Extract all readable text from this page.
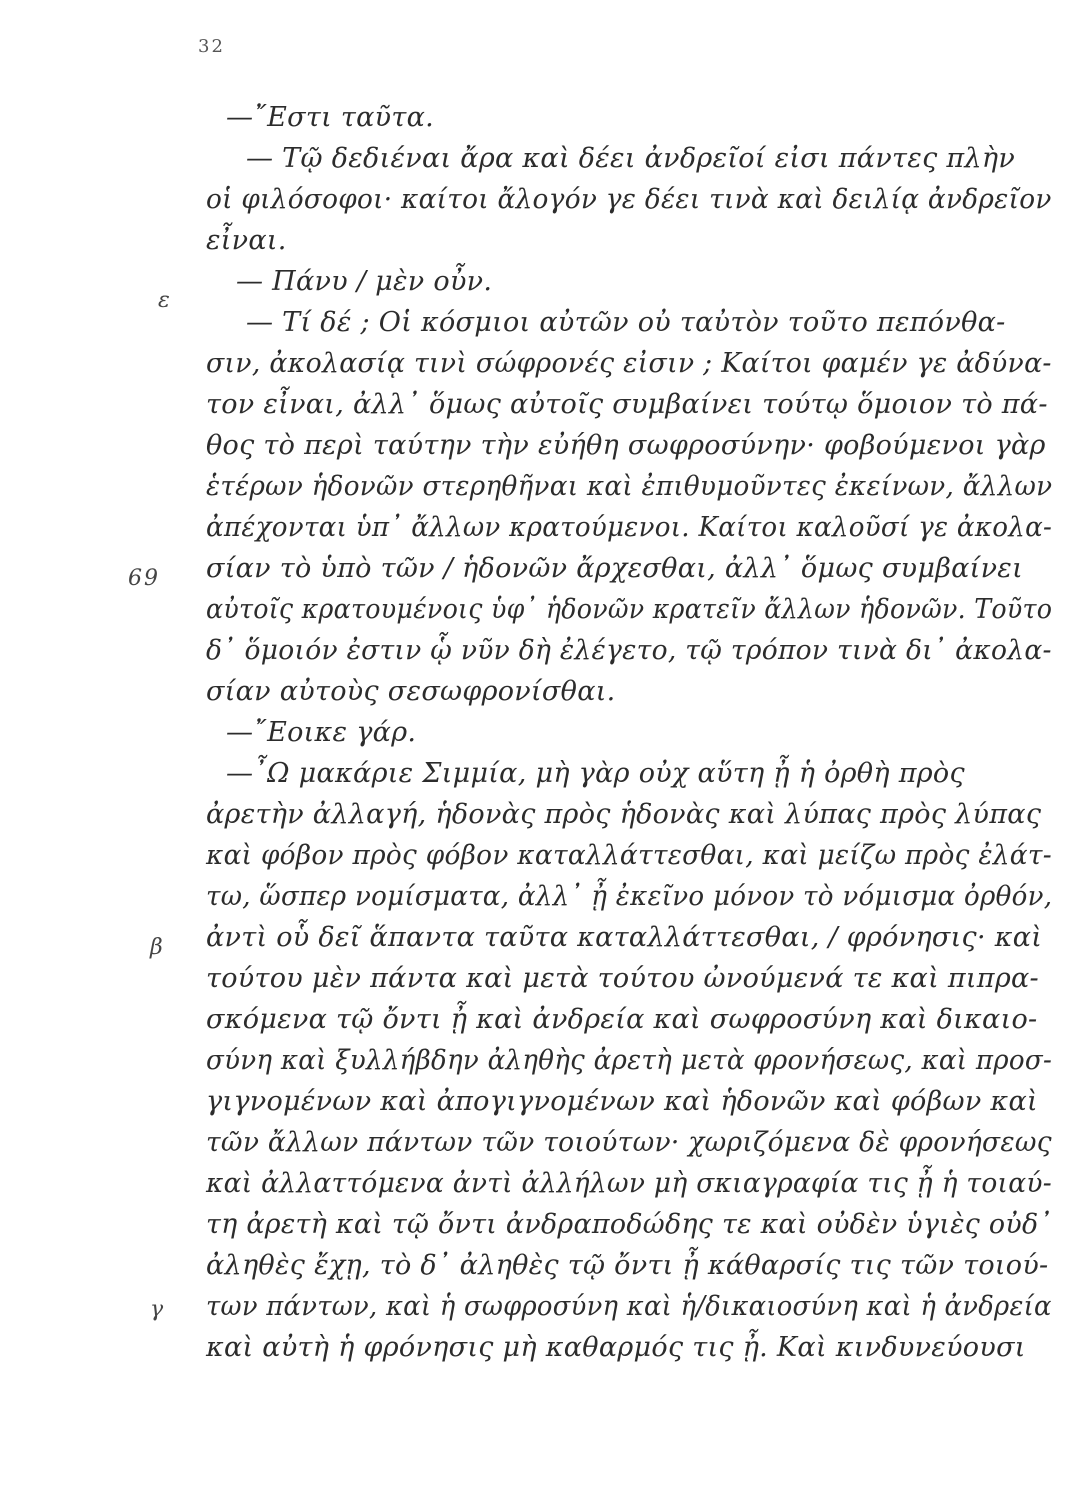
32
ε
69
β
γ
—῎Εστι ταῦτα.
— Τῷ δεδιέναι ἄρα καὶ δέει ἀνδρεῖοί εἰσι πάντες πλὴν
οἱ φιλόσοφοι· καίτοι ἄλογόν γε δέει τινὰ καὶ δειλίᾳ ἀνδρεῖον
εἶναι.
— Πάνυ / μὲν οὖν.
— Τί δέ ; Οἱ κόσμιοι αὐτῶν οὐ ταὐτὸν τοῦτο πεπόνθα-
σιν, ἀκολασίᾳ τινὶ σώφρονές εἰσιν ; Καίτοι φαμέν γε ἀδύνα-
τον εἶναι, ἀλλ᾽ ὅμως αὐτοῖς συμβαίνει τούτῳ ὅμοιον τὸ πά-
θος τὸ περὶ ταύτην τὴν εὐήθη σωφροσύνην· φοβούμενοι γὰρ
ἑτέρων ἡδονῶν στερηθῆναι καὶ ἐπιθυμοῦντες ἐκείνων, ἄλλων
ἀπέχονται ὑπ᾽ ἄλλων κρατούμενοι. Καίτοι καλοῦσί γε ἀκολα-
σίαν τὸ ὑπὸ τῶν / ἡδονῶν ἄρχεσθαι, ἀλλ᾽ ὅμως συμβαίνει
αὐτοῖς κρατουμένοις ὑφ᾽ ἡδονῶν κρατεῖν ἄλλων ἡδονῶν. Τοῦτο
δ᾽ ὅμοιόν ἐστιν ᾧ νῦν δὴ ἐλέγετο, τῷ τρόπον τινὰ δι᾽ ἀκολα-
σίαν αὐτοὺς σεσωφρονίσθαι.
—῎Εοικε γάρ.
—῏Ω μακάριε Σιμμία, μὴ γὰρ οὐχ αὕτη ᾖ ἡ ὀρθὴ πρὸς
ἀρετὴν ἀλλαγή, ἡδονὰς πρὸς ἡδονὰς καὶ λύπας πρὸς λύπας
καὶ φόβον πρὸς φόβον καταλλάττεσθαι, καὶ μείζω πρὸς ἐλάτ-
τω, ὥσπερ νομίσματα, ἀλλ᾽ ᾖ ἐκεῖνο μόνον τὸ νόμισμα ὀρθόν,
ἀντὶ οὗ δεῖ ἅπαντα ταῦτα καταλλάττεσθαι, / φρόνησις· καὶ
τούτου μὲν πάντα καὶ μετὰ τούτου ὠνούμενά τε καὶ πιπρα-
σκόμενα τῷ ὄντι ᾖ καὶ ἀνδρεία καὶ σωφροσύνη καὶ δικαιο-
σύνη καὶ ξυλλήβδην ἀληθὴς ἀρετὴ μετὰ φρονήσεως, καὶ προσ-
γιγνομένων καὶ ἀπογιγνομένων καὶ ἡδονῶν καὶ φόβων καὶ
τῶν ἄλλων πάντων τῶν τοιούτων· χωριζόμενα δὲ φρονήσεως
καὶ ἀλλαττόμενα ἀντὶ ἀλλήλων μὴ σκιαγραφία τις ᾖ ἡ τοιαύ-
τη ἀρετὴ καὶ τῷ ὄντι ἀνδραποδώδης τε καὶ οὐδὲν ὑγιὲς οὐδ᾽
ἀληθὲς ἔχῃ, τὸ δ᾽ ἀληθὲς τῷ ὄντι ᾖ κάθαρσίς τις τῶν τοιού-
των πάντων, καὶ ἡ σωφροσύνη καὶ ἡ/δικαιοσύνη καὶ ἡ ἀνδρεία
καὶ αὐτὴ ἡ φρόνησις μὴ καθαρμός τις ᾖ. Καὶ κινδυνεύουσι
